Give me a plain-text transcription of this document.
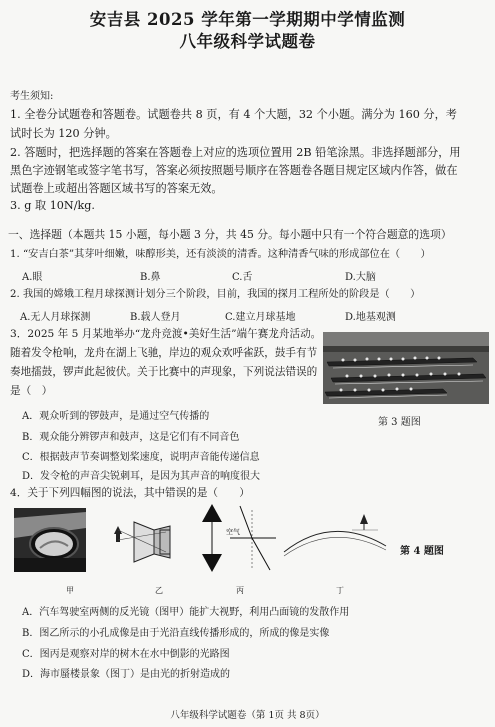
安吉县 2025 学年第一学期期中学情监测
八年级科学试题卷
考生须知:
1. 全卷分试题卷和答题卷。试题卷共 8 页，有 4 个大题，32 个小题。满分为 160 分，考
试时长为 120 分钟。
2. 答题时，把选择题的答案在答题卷上对应的选项位置用 2B 铅笔涂黑。非选择题部分，用
黑色字迹钢笔或签字笔书写，答案必须按照题号顺序在答题卷各题目规定区域内作答，做在
试题卷上或超出答题区域书写的答案无效。
3. g 取 10N/kg.
一、选择题（本题共 15 小题，每小题 3 分，共 45 分。每小题中只有一个符合题意的选项）
1. “安吉白茶”其芽叶细嫩，味醇形美，还有淡淡的清香。这种清香气味的形成部位在（　　）
A.眼	B.鼻	C.舌	D.大脑
2. 我国的嫦娥工程月球探测计划分三个阶段，目前，我国的探月工程所处的阶段是（　　）
A.无人月球探测	B.载人登月	C.建立月球基地	D.地基观测
3．2025 年 5 月某地举办“龙舟竞渡•美好生活”端午赛龙舟活动。
随着发令枪响，龙舟在湖上飞驰，岸边的观众欢呼雀跃，鼓手有节
奏地擂鼓，锣声此起彼伏。关于比赛中的声现象，下列说法错误的
是（　）
A．观众听到的锣鼓声，是通过空气传播的
B．观众能分辨锣声和鼓声，这是它们有不同音色
C．根据鼓声节奏调整划桨速度，说明声音能传递信息
D．发令枪的声音尖锐刺耳，是因为其声音的响度很大
第 3 题图
4．关于下列四幅图的说法，其中错误的是（　　）
空气
第 4 题图
甲	乙	丙	丁
A．汽车驾驶室两侧的反光镜（图甲）能扩大视野，利用凸面镜的发散作用
B．图乙所示的小孔成像是由于光沿直线传播形成的，所成的像是实像
C．图丙是观察对岸的树木在水中倒影的光路图
D．海市蜃楼景象（图丁）是由光的折射造成的
八年级科学试题卷（第 1页 共 8页）
